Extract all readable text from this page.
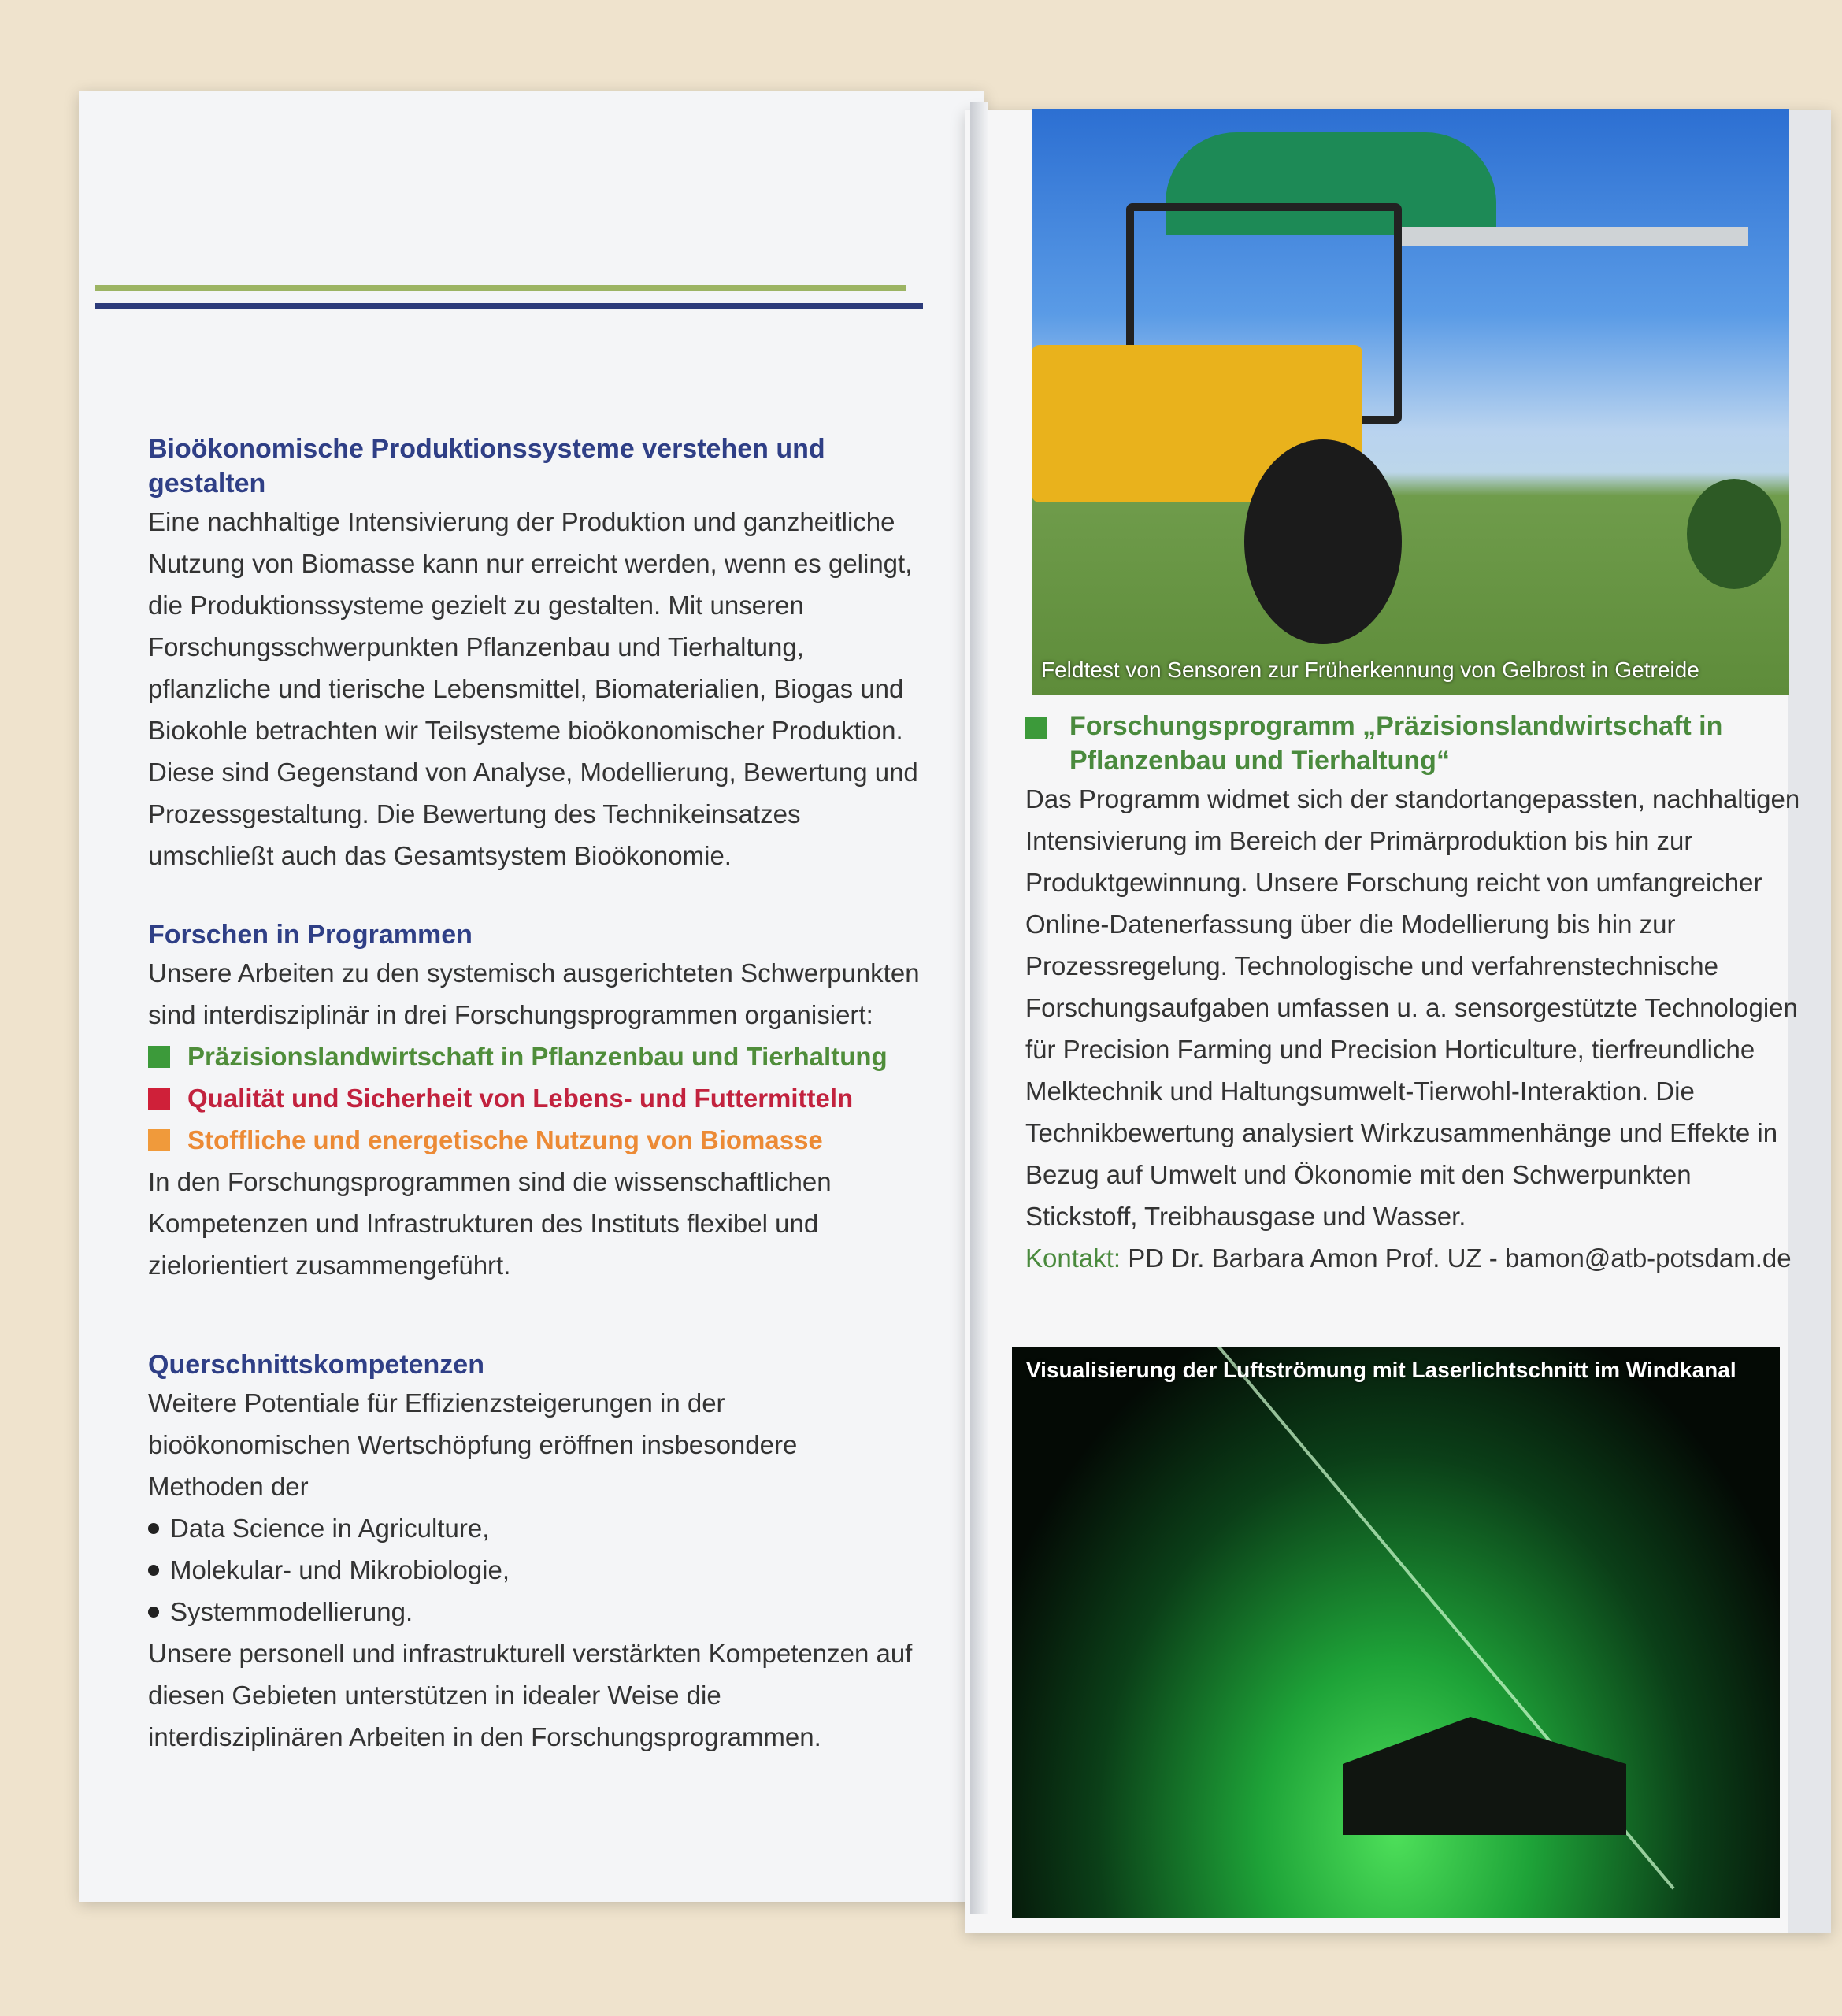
Bioökonomische Produktionssysteme verstehen und gestalten

Eine nachhaltige Intensivierung der Produktion und ganzheitliche Nutzung von Biomasse kann nur erreicht werden, wenn es gelingt, die Produktionssysteme gezielt zu gestalten. Mit unseren Forschungsschwerpunkten Pflanzenbau und Tierhaltung, pflanzliche und tierische Lebensmittel, Biomaterialien, Biogas und Biokohle betrachten wir Teilsysteme bioökonomischer Produktion. Diese sind Gegenstand von Analyse, Modellierung, Bewertung und Prozessgestaltung. Die Bewertung des Technikeinsatzes umschließt auch das Gesamtsystem Bioökonomie.

Forschen in Programmen

Unsere Arbeiten zu den systemisch ausgerichteten Schwerpunkten sind interdisziplinär in drei Forschungsprogrammen organisiert:

Präzisionslandwirtschaft in Pflanzenbau und Tierhaltung
Qualität und Sicherheit von Lebens- und Futtermitteln
Stoffliche und energetische Nutzung von Biomasse

In den Forschungsprogrammen sind die wissenschaftlichen Kompetenzen und Infrastrukturen des Instituts flexibel und zielorientiert zusammengeführt.

Querschnittskompetenzen

Weitere Potentiale für Effizienzsteigerungen in der bioökonomischen Wertschöpfung eröffnen insbesondere Methoden der

Data Science in Agriculture,
Molekular- und Mikrobiologie,
Systemmodellierung.

Unsere personell und infrastrukturell verstärkten Kompetenzen auf diesen Gebieten unterstützen in idealer Weise die interdisziplinären Arbeiten in den Forschungsprogrammen.

Feldtest von Sensoren zur Früherkennung von Gelbrost in Getreide
Forschungsprogramm „Präzisionslandwirtschaft in Pflanzenbau und Tierhaltung“

Das Programm widmet sich der standortangepassten, nachhaltigen Intensivierung im Bereich der Primärproduktion bis hin zur Produktgewinnung. Unsere Forschung reicht von umfangreicher Online-Datenerfassung über die Modellierung bis hin zur Prozessregelung. Technologische und verfahrenstechnische Forschungsaufgaben umfassen u. a. sensorgestützte Technologien für Precision Farming und Precision Horticulture, tierfreundliche Melktechnik und Haltungsumwelt-Tierwohl-Interaktion. Die Technikbewertung analysiert Wirkzusammenhänge und Effekte in Bezug auf Umwelt und Ökonomie mit den Schwerpunkten Stickstoff, Treibhausgase und Wasser.

Kontakt: PD Dr. Barbara Amon Prof. UZ - bamon@atb-potsdam.de
Visualisierung der Luftströmung mit Laserlichtschnitt im Windkanal
